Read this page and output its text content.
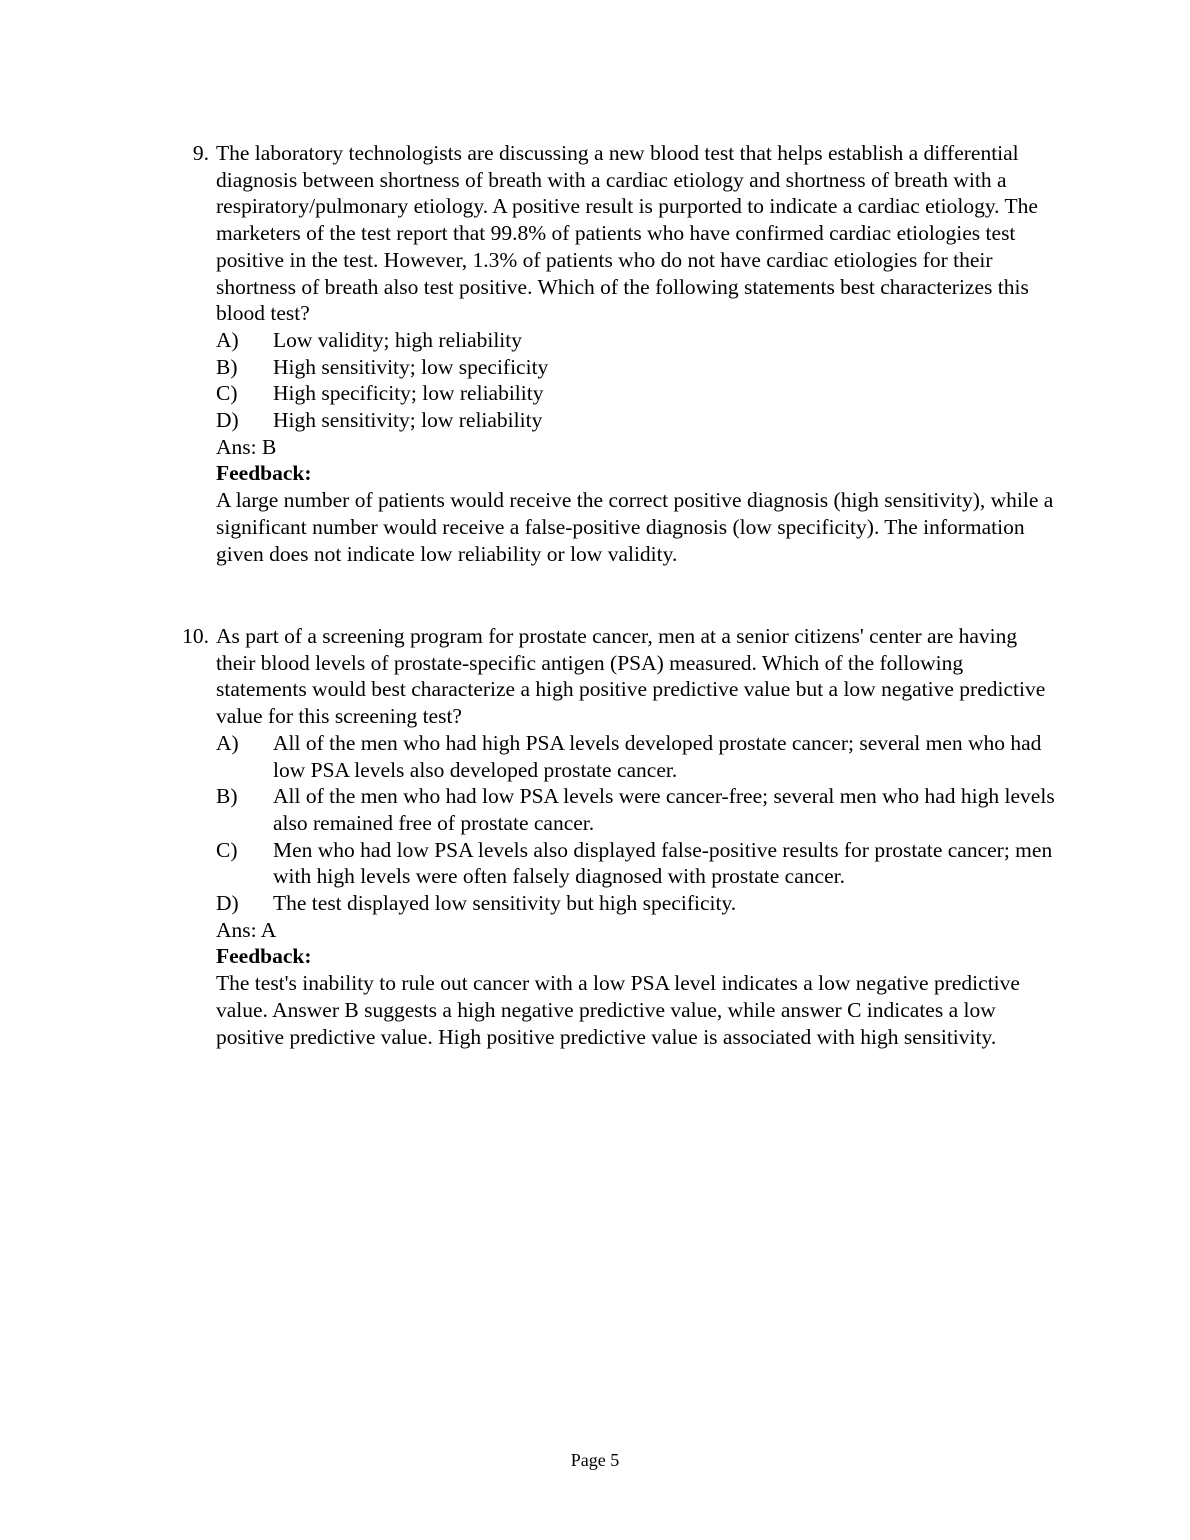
9. The laboratory technologists are discussing a new blood test that helps establish a differential diagnosis between shortness of breath with a cardiac etiology and shortness of breath with a respiratory/pulmonary etiology. A positive result is purported to indicate a cardiac etiology. The marketers of the test report that 99.8% of patients who have confirmed cardiac etiologies test positive in the test. However, 1.3% of patients who do not have cardiac etiologies for their shortness of breath also test positive. Which of the following statements best characterizes this blood test?

A)	Low validity; high reliability
B)	High sensitivity; low specificity
C)	High specificity; low reliability
D)	High sensitivity; low reliability

Ans: B

Feedback:

A large number of patients would receive the correct positive diagnosis (high sensitivity), while a significant number would receive a false-positive diagnosis (low specificity). The information given does not indicate low reliability or low validity.

10. As part of a screening program for prostate cancer, men at a senior citizens' center are having their blood levels of prostate-specific antigen (PSA) measured. Which of the following statements would best characterize a high positive predictive value but a low negative predictive value for this screening test?

A)	All of the men who had high PSA levels developed prostate cancer; several men who had low PSA levels also developed prostate cancer.
B)	All of the men who had low PSA levels were cancer-free; several men who had high levels also remained free of prostate cancer.
C)	Men who had low PSA levels also displayed false-positive results for prostate cancer; men with high levels were often falsely diagnosed with prostate cancer.
D)	The test displayed low sensitivity but high specificity.

Ans: A

Feedback:

The test's inability to rule out cancer with a low PSA level indicates a low negative predictive value. Answer B suggests a high negative predictive value, while answer C indicates a low positive predictive value. High positive predictive value is associated with high sensitivity.

Page 5
